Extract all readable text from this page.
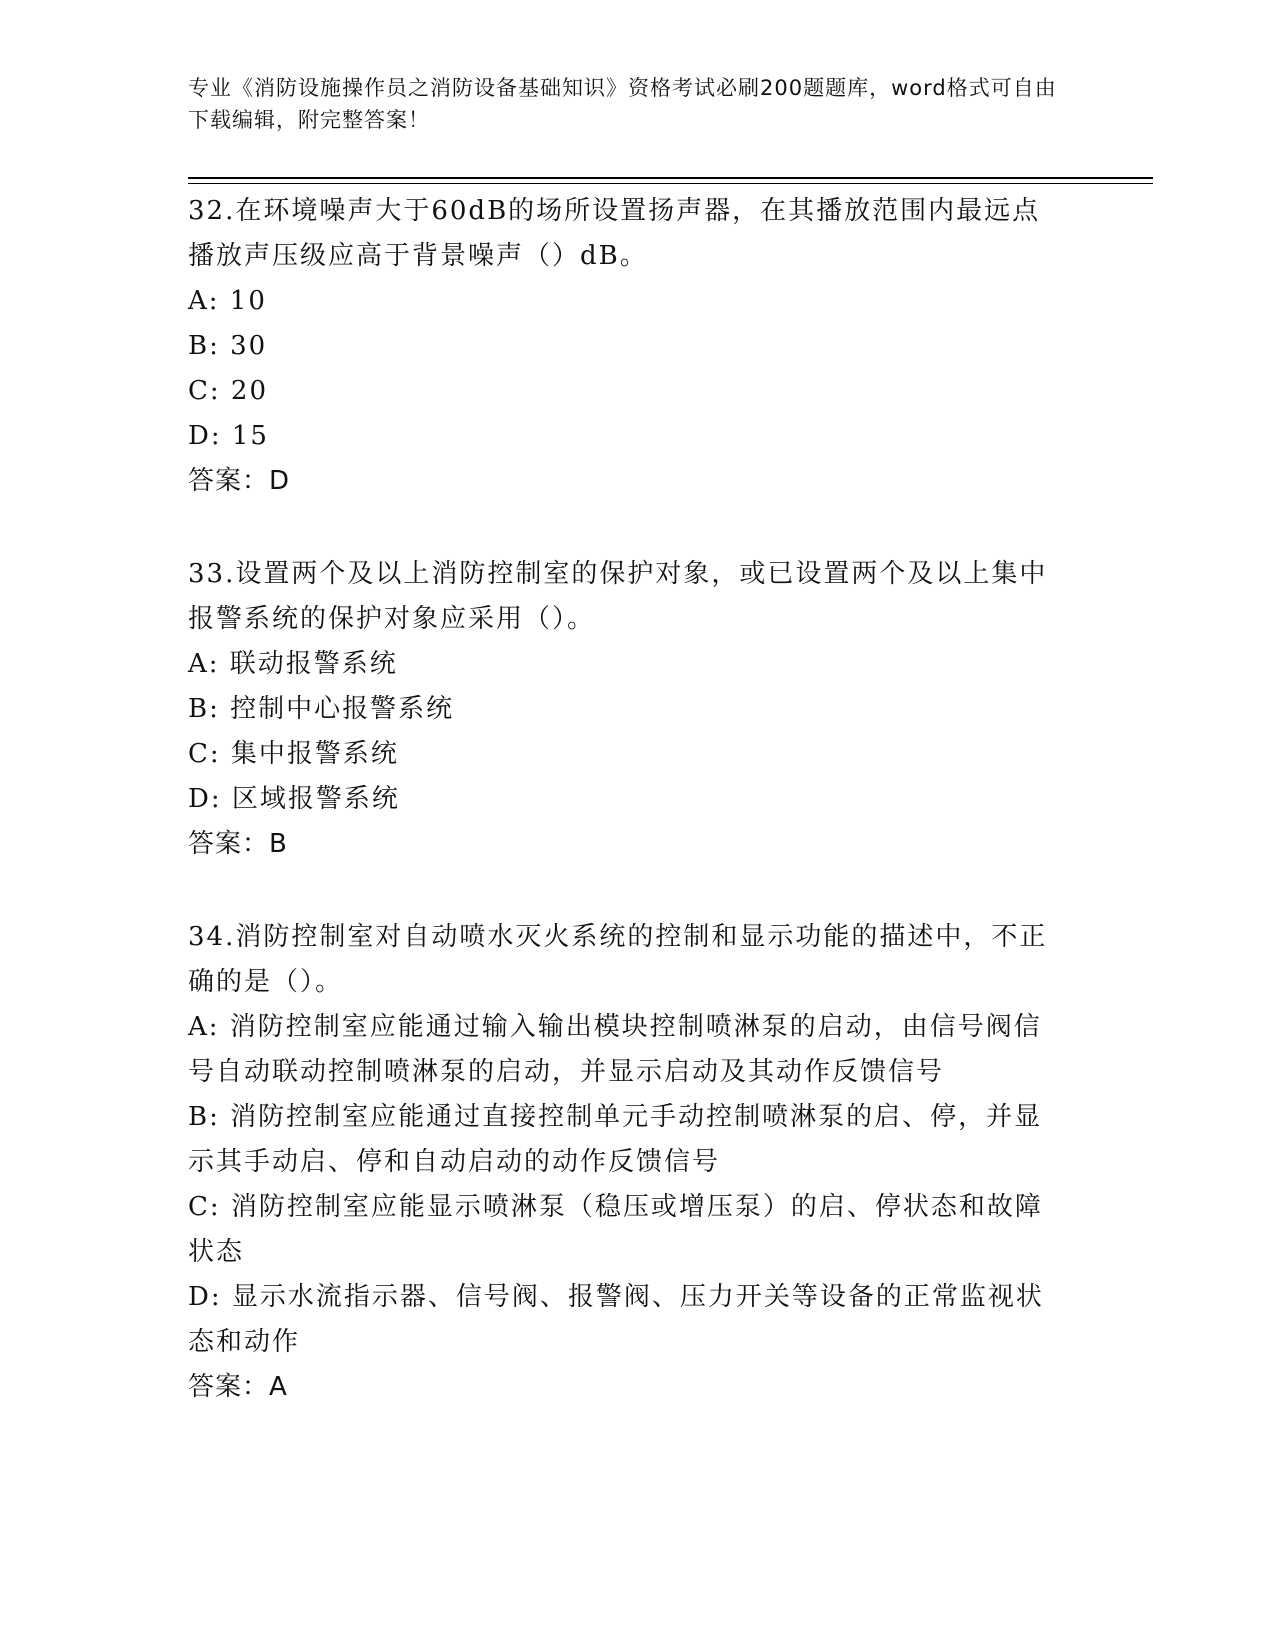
专业《消防设施操作员之消防设备基础知识》资格考试必刷200题题库，word格式可自由下载编辑，附完整答案！
32.在环境噪声大于60dB的场所设置扬声器，在其播放范围内最远点播放声压级应高于背景噪声（）dB。
A: 10
B: 30
C: 20
D: 15
答案：D
33.设置两个及以上消防控制室的保护对象，或已设置两个及以上集中报警系统的保护对象应采用（）。
A: 联动报警系统
B: 控制中心报警系统
C: 集中报警系统
D: 区域报警系统
答案：B
34.消防控制室对自动喷水灭火系统的控制和显示功能的描述中，不正确的是（）。
A: 消防控制室应能通过输入输出模块控制喷淋泵的启动，由信号阀信号自动联动控制喷淋泵的启动，并显示启动及其动作反馈信号
B: 消防控制室应能通过直接控制单元手动控制喷淋泵的启、停，并显示其手动启、停和自动启动的动作反馈信号
C: 消防控制室应能显示喷淋泵（稳压或增压泵）的启、停状态和故障状态
D: 显示水流指示器、信号阀、报警阀、压力开关等设备的正常监视状态和动作
答案：A
